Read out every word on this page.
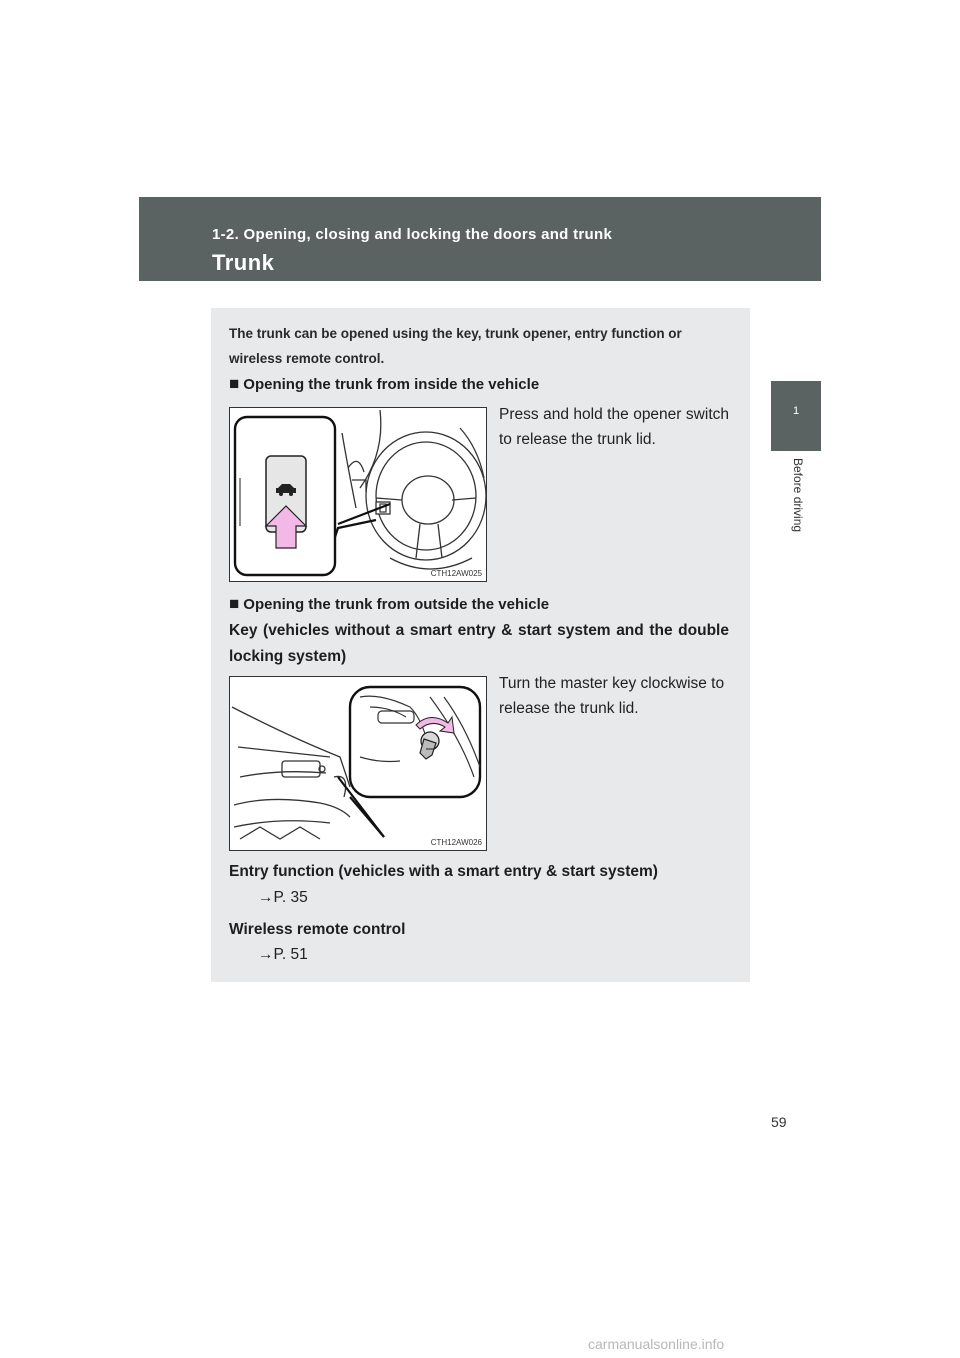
1-2. Opening, closing and locking the doors and trunk
Trunk
1
Before driving

The trunk can be opened using the key, trunk opener, entry function or wireless remote control.

■ Opening the trunk from inside the vehicle

CTH12AW025

Press and hold the opener switch to release the trunk lid.

■ Opening the trunk from outside the vehicle

Key (vehicles without a smart entry & start system and the double locking system)

CTH12AW026

Turn the master key clockwise to release the trunk lid.

Entry function (vehicles with a smart entry & start system)

→P. 35

Wireless remote control

→P. 51

59
carmanualsonline.info
